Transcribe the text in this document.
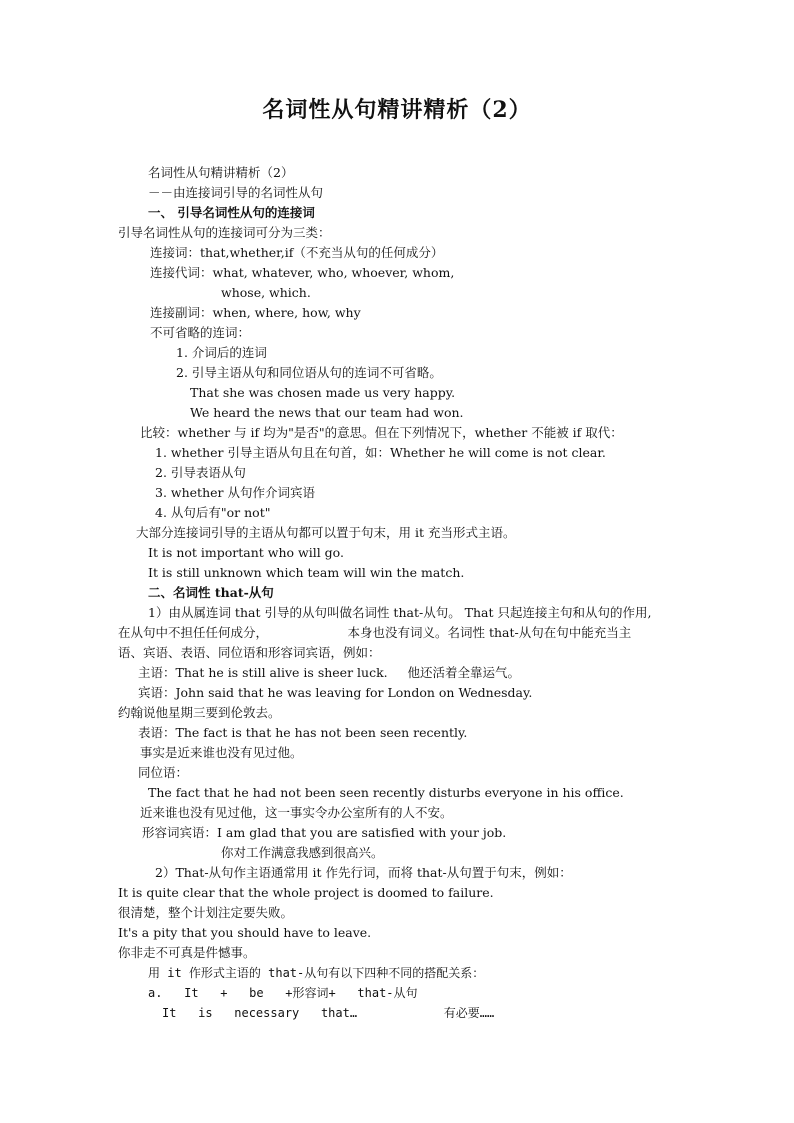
名词性从句精讲精析（2）
名词性从句精讲精析（2）
－－由连接词引导的名词性从句
一、 引导名词性从句的连接词
引导名词性从句的连接词可分为三类：
连接词：that,whether,if（不充当从句的任何成分）
连接代词：what, whatever, who, whoever, whom,
whose, which.
连接副词：when, where, how, why
不可省略的连词：
1. 介词后的连词
2. 引导主语从句和同位语从句的连词不可省略。
That she was chosen made us very happy.
We heard the news that our team had won.
比较：whether 与 if 均为"是否"的意思。但在下列情况下，whether 不能被 if 取代：
1. whether 引导主语从句且在句首，如：Whether he will come is not clear.
2. 引导表语从句
3. whether 从句作介词宾语
4. 从句后有"or not"
大部分连接词引导的主语从句都可以置于句末，用 it 充当形式主语。
It is not important who will go.
It is still unknown which team will win the match.
二、名词性 that-从句
1）由从属连词 that 引导的从句叫做名词性 that-从句。 That 只起连接主句和从句的作用,
在从句中不担任任何成分，                    本身也没有词义。名词性 that-从句在句中能充当主
语、宾语、表语、同位语和形容词宾语，例如：
主语：That he is still alive is sheer luck.     他还活着全靠运气。
宾语：John said that he was leaving for London on Wednesday.
约翰说他星期三要到伦敦去。
表语：The fact is that he has not been seen recently.
事实是近来谁也没有见过他。
同位语：
The fact that he had not been seen recently disturbs everyone in his office.
近来谁也没有见过他，这一事实令办公室所有的人不安。
形容词宾语：I am glad that you are satisfied with your job.
你对工作满意我感到很高兴。
2）That-从句作主语通常用 it 作先行词，而将 that-从句置于句末，例如：
It is quite clear that the whole project is doomed to failure.
很清楚，整个计划注定要失败。
It's a pity that you should have to leave.
你非走不可真是件憾事。
用 it 作形式主语的 that-从句有以下四种不同的搭配关系：
a.   It   +   be   +形容词+   that-从句
It   is   necessary   that…            有必要……
